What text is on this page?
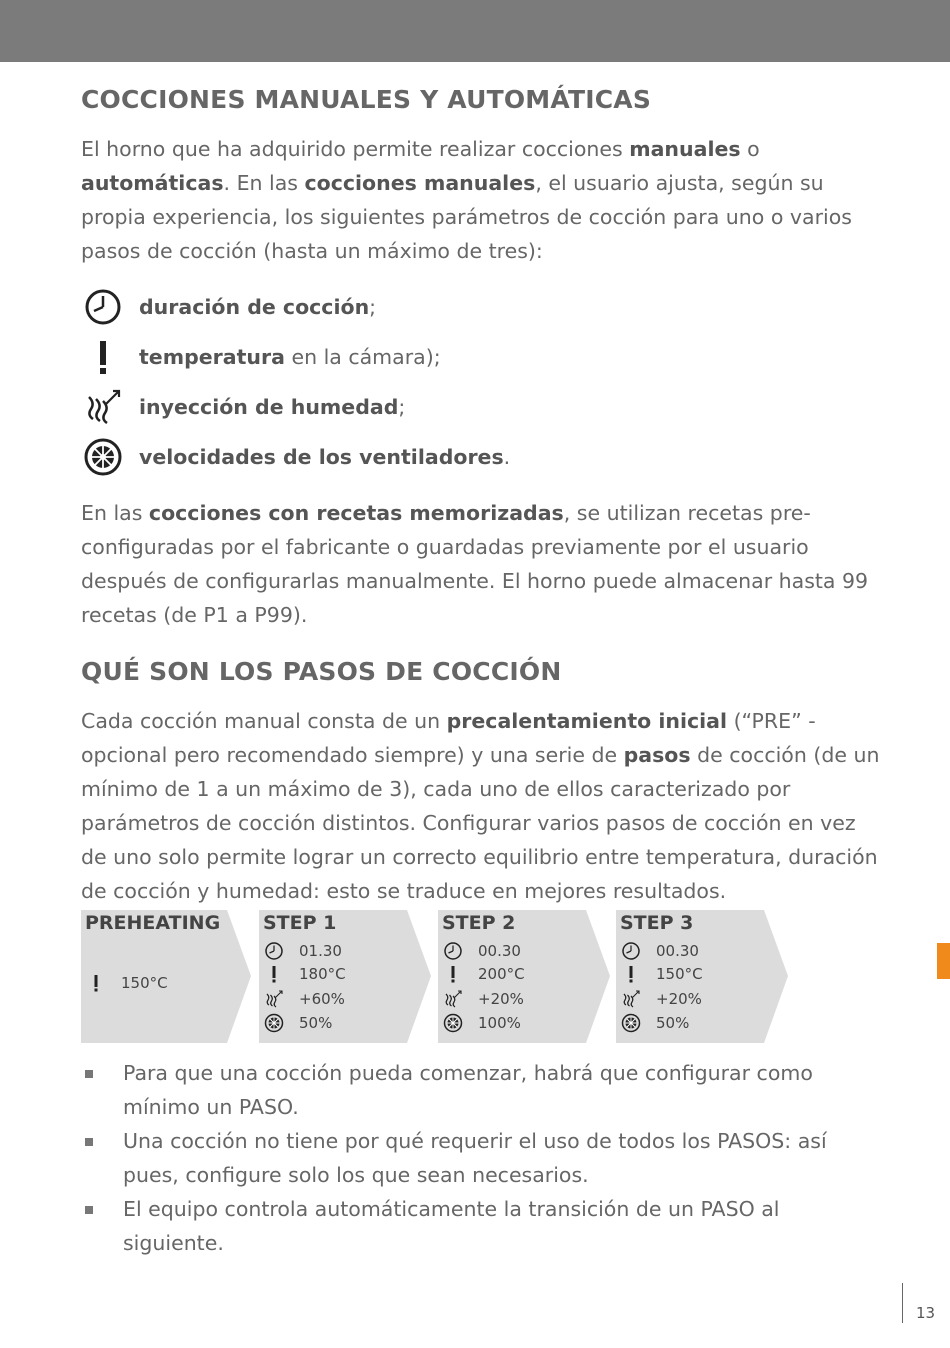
COCCIONES MANUALES Y AUTOMÁTICAS

El horno que ha adquirido permite realizar cocciones manuales o automáticas. En las cocciones manuales, el usuario ajusta, según su propia experiencia, los siguientes parámetros de cocción para uno o varios pasos de cocción (hasta un máximo de tres):

duración de cocción;
temperatura en la cámara);
inyección de humedad;
velocidades de los ventiladores.

En las cocciones con recetas memorizadas, se utilizan recetas pre-configuradas por el fabricante o guardadas previamente por el usuario después de configurarlas manualmente. El horno puede almacenar hasta 99 recetas (de P1 a P99).

QUÉ SON LOS PASOS DE COCCIÓN

Cada cocción manual consta de un precalentamiento inicial (“PRE” - opcional pero recomendado siempre) y una serie de pasos de cocción (de un mínimo de 1 a un máximo de 3), cada uno de ellos caracterizado por parámetros de cocción distintos. Configurar varios pasos de cocción en vez de uno solo permite lograr un correcto equilibrio entre temperatura, duración de cocción y humedad: esto se traduce en mejores resultados.

PREHEATING
150°C
STEP 1
01.30
180°C
+60%
50%
STEP 2
00.30
200°C
+20%
100%
STEP 3
00.30
150°C
+20%
50%
Para que una cocción pueda comenzar, habrá que configurar como mínimo un PASO.
Una cocción no tiene por qué requerir el uso de todos los PASOS: así pues, configure solo los que sean necesarios.
El equipo controla automáticamente la transición de un PASO al siguiente.
13
